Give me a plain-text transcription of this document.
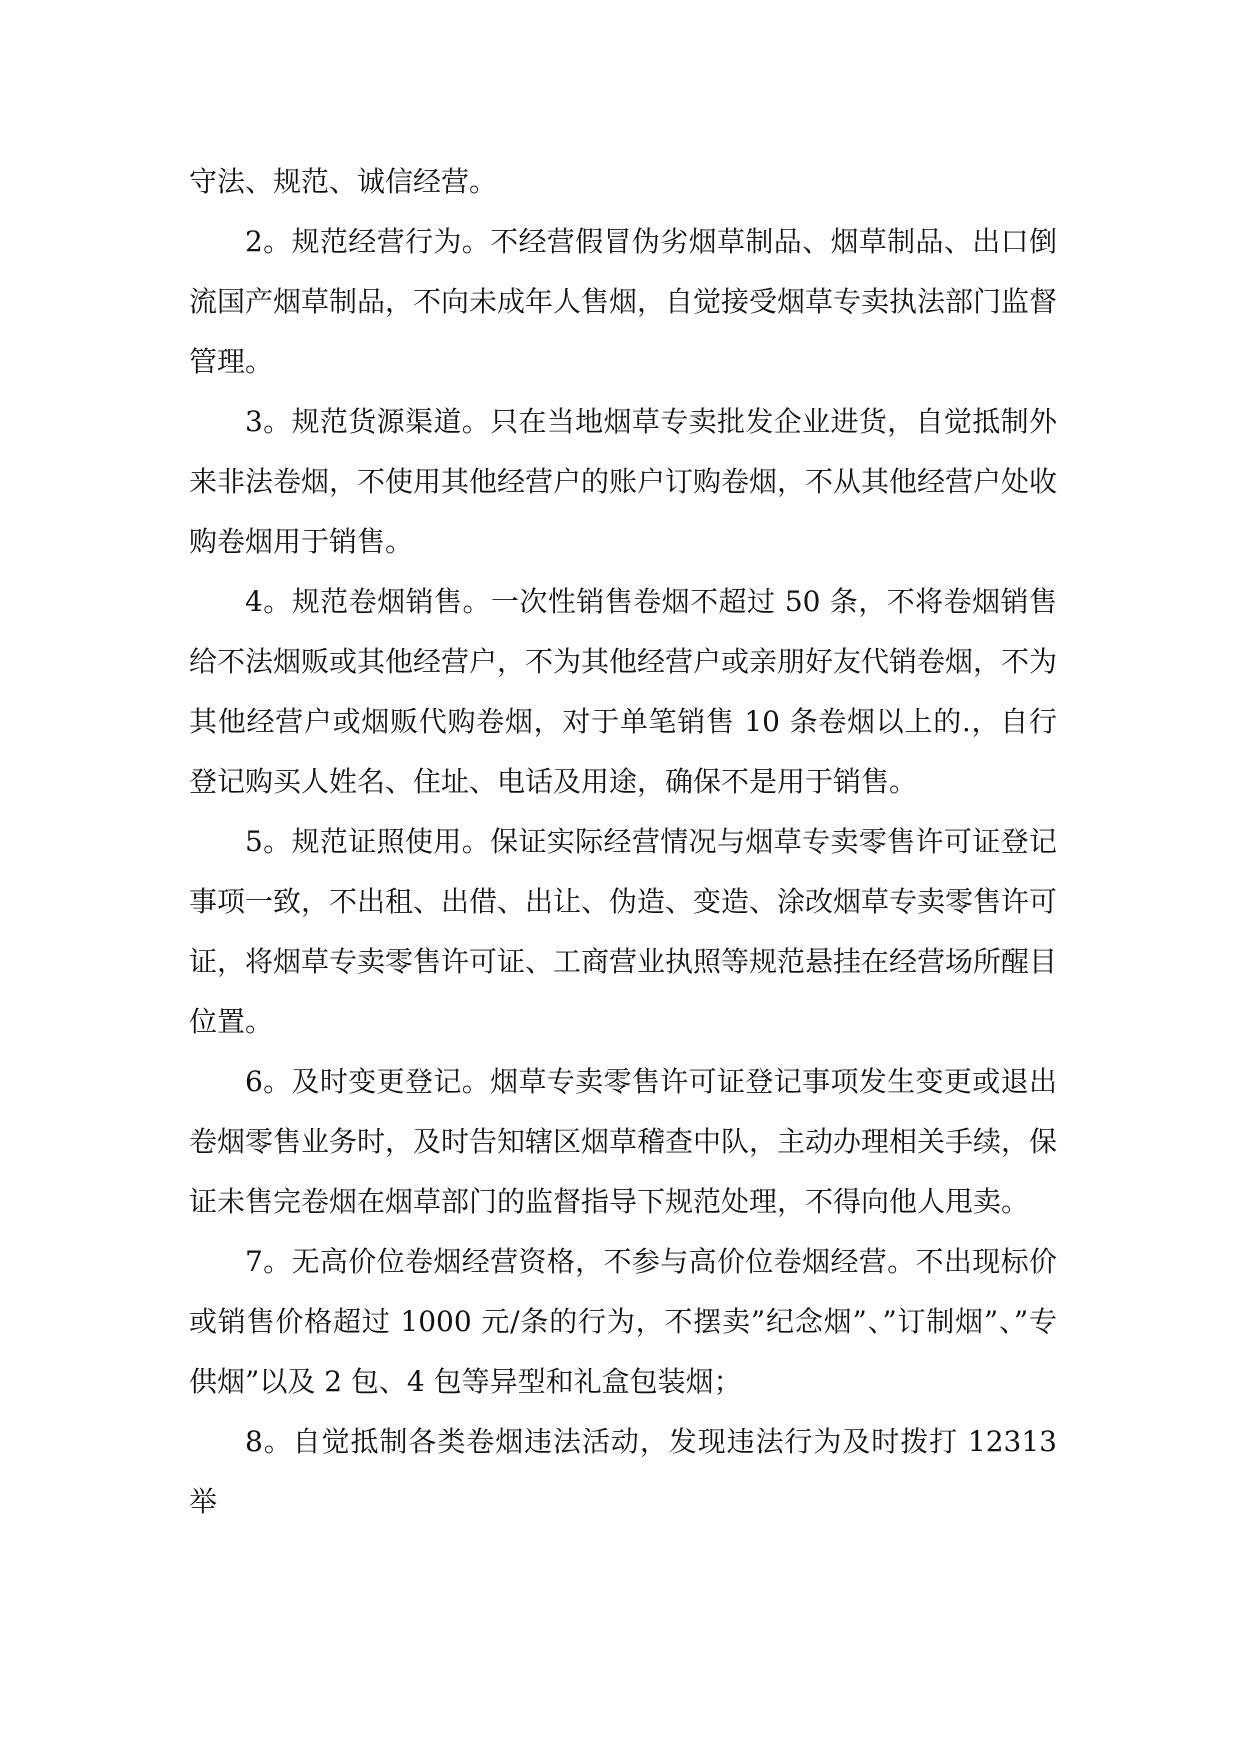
守法、规范、诚信经营。

2。规范经营行为。不经营假冒伪劣烟草制品、烟草制品、出口倒流国产烟草制品，不向未成年人售烟，自觉接受烟草专卖执法部门监督管理。

3。规范货源渠道。只在当地烟草专卖批发企业进货，自觉抵制外来非法卷烟，不使用其他经营户的账户订购卷烟，不从其他经营户处收购卷烟用于销售。

4。规范卷烟销售。一次性销售卷烟不超过 50 条，不将卷烟销售给不法烟贩或其他经营户，不为其他经营户或亲朋好友代销卷烟，不为其他经营户或烟贩代购卷烟，对于单笔销售 10 条卷烟以上的.，自行登记购买人姓名、住址、电话及用途，确保不是用于销售。

5。规范证照使用。保证实际经营情况与烟草专卖零售许可证登记事项一致，不出租、出借、出让、伪造、变造、涂改烟草专卖零售许可证，将烟草专卖零售许可证、工商营业执照等规范悬挂在经营场所醒目位置。

6。及时变更登记。烟草专卖零售许可证登记事项发生变更或退出卷烟零售业务时，及时告知辖区烟草稽查中队，主动办理相关手续，保证未售完卷烟在烟草部门的监督指导下规范处理，不得向他人甩卖。

7。无高价位卷烟经营资格，不参与高价位卷烟经营。不出现标价或销售价格超过 1000 元/条的行为，不摆卖”纪念烟”、”订制烟”、”专供烟”以及 2 包、4 包等异型和礼盒包装烟；

8。自觉抵制各类卷烟违法活动，发现违法行为及时拨打 12313 举
